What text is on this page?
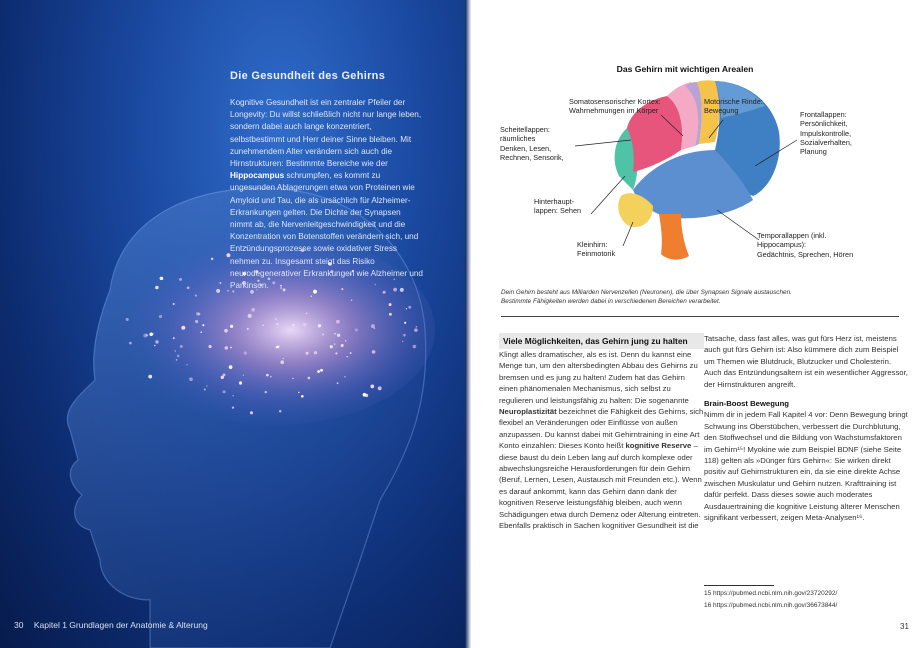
Die Gesundheit des Gehirns

Kognitive Gesundheit ist ein zentraler Pfeiler der Longevity: Du willst schließlich nicht nur lange leben, sondern dabei auch lange konzentriert, selbstbestimmt und Herr deiner Sinne bleiben. Mit zunehmendem Alter verändern sich auch die Hirnstrukturen: Bestimmte Bereiche wie der Hippocampus schrumpfen, es kommt zu ungesunden Ablagerungen etwa von Proteinen wie Amyloid und Tau, die als ursächlich für Alzheimer-Erkrankungen gelten. Die Dichte der Synapsen nimmt ab, die Nervenleitgeschwindigkeit und die Konzentration von Botenstoffen verändern sich, und Entzündungsprozesse sowie oxidativer Stress nehmen zu. Insgesamt steigt das Risiko neurodegenerativer Erkrankungen wie Alzheimer und Parkinson.

30 Kapitel 1 Grundlagen der Anatomie & Alterung
Das Gehirn mit wichtigen Arealen
Somatosensorischer Kortex:
Wahrnehmungen im Körper
Motorische Rinde:
Bewegung	Frontallappen:
Persönlichkeit,
Impulskontrolle,
Sozialverhalten,
Planung
Scheitellappen:
räumliches
Denken, Lesen,
Rechnen, Sensorik,
Hinterhaupt-
lappen: Sehen
Kleinhirn:
Feinmotorik
Temporallappen (inkl.
Hippocampus):
Gedächtnis, Sprechen, Hören
Dein Gehirn besteht aus Milliarden Nervenzellen (Neuronen), die über Synapsen Signale austauschen.
Bestimmte Fähigkeiten werden dabei in verschiedenen Bereichen verarbeitet.

Viele Möglichkeiten, das Gehirn jung zu halten

Klingt alles dramatischer, als es ist. Denn du kannst eine Menge tun, um den altersbedingten Abbau des Gehirns zu bremsen und es jung zu halten! Zudem hat das Gehirn einen phänomenalen Mechanismus, sich selbst zu regulieren und leistungsfähig zu halten: Die sogenannte Neuroplastizität bezeichnet die Fähigkeit des Gehirns, sich flexibel an Veränderungen oder Einflüsse von außen anzupassen. Du kannst dabei mit Gehirntraining in eine Art Konto einzahlen: Dieses Konto heißt kognitive Reserve – diese baust du dein Leben lang auf durch komplexe oder abwechslungsreiche Herausforderungen für dein Gehirn (Beruf, Lernen, Lesen, Austausch mit Freunden etc.). Wenn es darauf ankommt, kann das Gehirn dann dank der kognitiven Reserve leistungsfähig bleiben, auch wenn Schädigungen etwa durch Demenz oder Alterung eintreten. Ebenfalls praktisch in Sachen kognitiver Gesundheit ist die

Tatsache, dass fast alles, was gut fürs Herz ist, meistens auch gut fürs Gehirn ist: Also kümmere dich zum Beispiel um Themen wie Blutdruck, Blutzucker und Cholesterin. Auch das Entzündungsaltern ist ein wesentlicher Aggressor, der Hirnstrukturen angreift.

Brain-Boost Bewegung

Nimm dir in jedem Fall Kapitel 4 vor: Denn Bewegung bringt Schwung ins Oberstübchen, verbessert die Durchblutung, den Stoffwechsel und die Bildung von Wachstumsfaktoren im Gehirn¹⁵! Myokine wie zum Beispiel BDNF (siehe Seite 118) gelten als »Dünger fürs Gehirn«: Sie wirken direkt positiv auf Gehirnstrukturen ein, da sie eine direkte Achse zwischen Muskulatur und Gehirn nutzen. Krafttraining ist dafür perfekt. Dass dieses sowie auch moderates Ausdauertraining die kognitive Leistung älterer Menschen signifikant verbessert, zeigen Meta-Analysen¹⁶.

15 https://pubmed.ncbi.nlm.nih.gov/23720292/
16 https://pubmed.ncbi.nlm.nih.gov/36673844/
31
